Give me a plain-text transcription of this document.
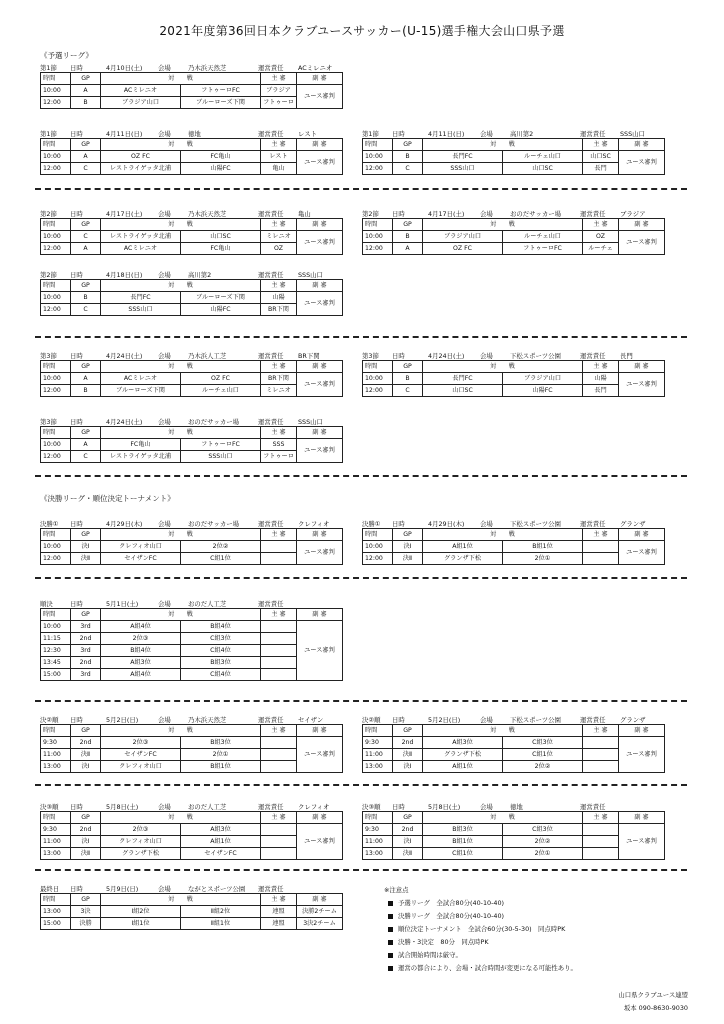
2021年度第36回日本クラブユースサッカー(U-15)選手権大会山口県予選
《予選リーグ》
《決勝リーグ・順位決定トーナメント》
第1節	日時	4月10日(土)	会場	乃木浜天然芝	運営責任	ACミレニオ
時間	GP	対　　戦		主 審	副 審
10:00	A	ACミレニオ	フトゥーロFC	ブラジア	ユース審判
12:00	B	ブラジア山口	ブルーローズ下関	フトゥーロ	
第1節	日時	4月11日(日)	会場	徳地	運営責任	レスト
時間	GP	対　　戦		主 審	副 審
10:00	A	OZ FC	FC亀山	レスト	ユース審判
12:00	C	レストライゲッタ北浦	山陽FC	亀山	
第1節	日時	4月11日(日)	会場	高川第2	運営責任	SSS山口
時間	GP	対　　戦		主 審	副 審
10:00	B	長門FC	ルーチェ山口	山口SC	ユース審判
12:00	C	SSS山口	山口SC	長門	
第2節	日時	4月17日(土)	会場	乃木浜天然芝	運営責任	亀山
時間	GP	対　　戦		主 審	副 審
10:00	C	レストライゲッタ北浦	山口SC	ミレニオ	ユース審判
12:00	A	ACミレニオ	FC亀山	OZ	
第2節	日時	4月17日(土)	会場	おのだサッカー場	運営責任	ブラジア
時間	GP	対　　戦		主 審	副 審
10:00	B	ブラジア山口	ルーチェ山口	OZ	ユース審判
12:00	A	OZ FC	フトゥーロFC	ルーチェ	
第2節	日時	4月18日(日)	会場	高川第2	運営責任	SSS山口
時間	GP	対　　戦		主 審	副 審
10:00	B	長門FC	ブルーローズ下関	山陽	ユース審判
12:00	C	SSS山口	山陽FC	BR下関	
第3節	日時	4月24日(土)	会場	乃木浜人工芝	運営責任	BR下関
時間	GP	対　　戦		主 審	副 審
10:00	A	ACミレニオ	OZ FC	BR下関	ユース審判
12:00	B	ブルーローズ下関	ルーチェ山口	ミレニオ	
第3節	日時	4月24日(土)	会場	下松スポーツ公園	運営責任	長門
時間	GP	対　　戦		主 審	副 審
10:00	B	長門FC	ブラジア山口	山陽	ユース審判
12:00	C	山口SC	山陽FC	長門	
第3節	日時	4月24日(土)	会場	おのだサッカー場	運営責任	SSS山口
時間	GP	対　　戦		主 審	副 審
10:00	A	FC亀山	フトゥーロFC	SSS	ユース審判
12:00	C	レストライゲッタ北浦	SSS山口	フトゥーロ	
決勝①	日時	4月29日(木)	会場	おのだサッカー場	運営責任	クレフィオ
時間	GP	対　　戦		主 審	副 審
10:00	決Ⅰ	クレフィオ山口	2位②		ユース審判
12:00	決Ⅱ	セイザンFC	C組1位		
決勝①	日時	4月29日(木)	会場	下松スポーツ公園	運営責任	グランザ
時間	GP	対　　戦		主 審	副 審
10:00	決Ⅰ	A組1位	B組1位		ユース審判
12:00	決Ⅱ	グランザ下松	2位①		
順決	日時	5月1日(土)	会場	おのだ人工芝	運営責任
時間	GP	対　　戦		主 審	副 審
10:00	3rd	A組4位	B組4位		ユース審判
11:15	2nd	2位③	C組3位		
12:30	3rd	B組4位	C組4位		
13:45	2nd	A組3位	B組3位		
15:00	3rd	A組4位	C組4位		
決②順	日時	5月2日(日)	会場	乃木浜天然芝	運営責任	セイザン
時間	GP	対　　戦		主 審	副 審
9:30	2nd	2位③	B組3位		ユース審判
11:00	決Ⅱ	セイザンFC	2位①		
13:00	決Ⅰ	クレフィオ山口	B組1位		
決②順	日時	5月2日(日)	会場	下松スポーツ公園	運営責任	グランザ
時間	GP	対　　戦		主 審	副 審
9:30	2nd	A組3位	C組3位		ユース審判
11:00	決Ⅱ	グランザ下松	C組1位		
13:00	決Ⅰ	A組1位	2位②		
決③順	日時	5月8日(土)	会場	おのだ人工芝	運営責任	クレフィオ
時間	GP	対　　戦		主 審	副 審
9:30	2nd	2位③	A組3位		ユース審判
11:00	決Ⅰ	クレフィオ山口	A組1位		
13:00	決Ⅱ	グランザ下松	セイザンFC		
決③順	日時	5月8日(土)	会場	徳地	運営責任
時間	GP	対　　戦		主 審	副 審
9:30	2nd	B組3位	C組3位		ユース審判
11:00	決Ⅰ	B組1位	2位②		
13:00	決Ⅱ	C組1位	2位①		
最終日	日時	5月9日(日)	会場	ながとスポーツ公園	運営責任
時間	GP	対　　戦		主 審	副 審
13:00	3決	Ⅰ組2位	Ⅱ組2位	連盟	決勝2チーム
15:00	決勝	Ⅰ組1位	Ⅱ組1位	連盟	3決2チーム
※注意点
予選リーグ　全試合80分(40-10-40)
決勝リーグ　全試合80分(40-10-40)
順位決定トーナメント　全試合60分(30-5-30)　同点時PK
決勝・3決定　80分　同点時PK
試合開始時間は厳守。
運営の都合により、会場・試合時間が変更になる可能性あり。
山口県クラブユース連盟
坂本 090-8630-9030
